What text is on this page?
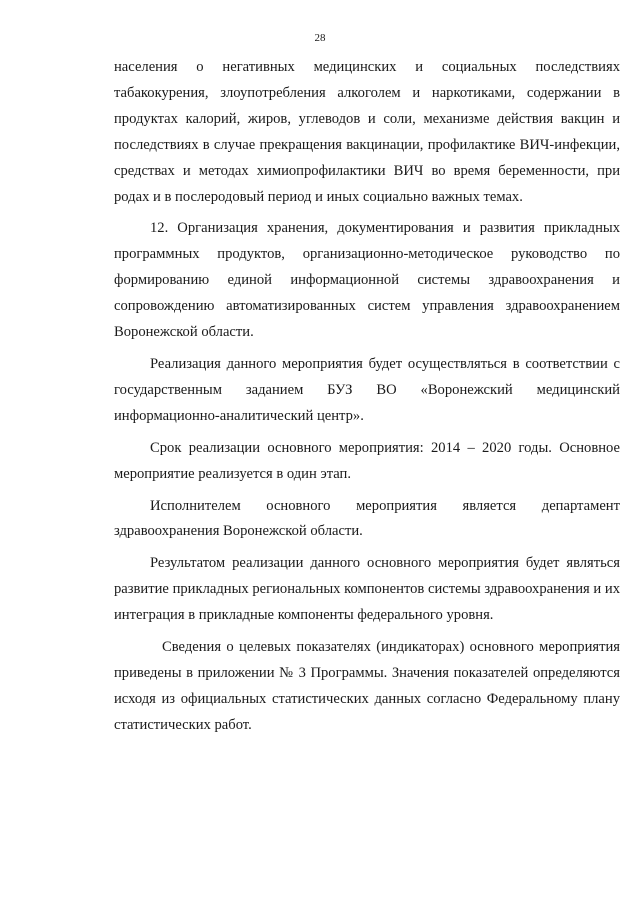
28

населения о негативных медицинских и социальных последствиях табакокурения, злоупотребления алкоголем и наркотиками, содержании в продуктах калорий, жиров, углеводов и соли, механизме действия вакцин и последствиях в случае прекращения вакцинации, профилактике ВИЧ-инфекции, средствах и методах химиопрофилактики ВИЧ во время беременности, при родах и в послеродовый период и иных социально важных темах.

12. Организация хранения, документирования и развития прикладных программных продуктов, организационно-методическое руководство по формированию единой информационной системы здравоохранения и сопровождению автоматизированных систем управления здравоохранением Воронежской области.

Реализация данного мероприятия будет осуществляться в соответствии с государственным заданием БУЗ ВО «Воронежский медицинский информационно-аналитический центр».

Срок реализации основного мероприятия: 2014 – 2020 годы. Основное мероприятие реализуется в один этап.

Исполнителем основного мероприятия является департамент здравоохранения Воронежской области.

Результатом реализации данного основного мероприятия будет являться развитие прикладных региональных компонентов системы здравоохранения и их интеграция в прикладные компоненты федерального уровня.

Сведения о целевых показателях (индикаторах) основного мероприятия приведены в приложении № 3 Программы. Значения показателей определяются исходя из официальных статистических данных согласно Федеральному плану статистических работ.
